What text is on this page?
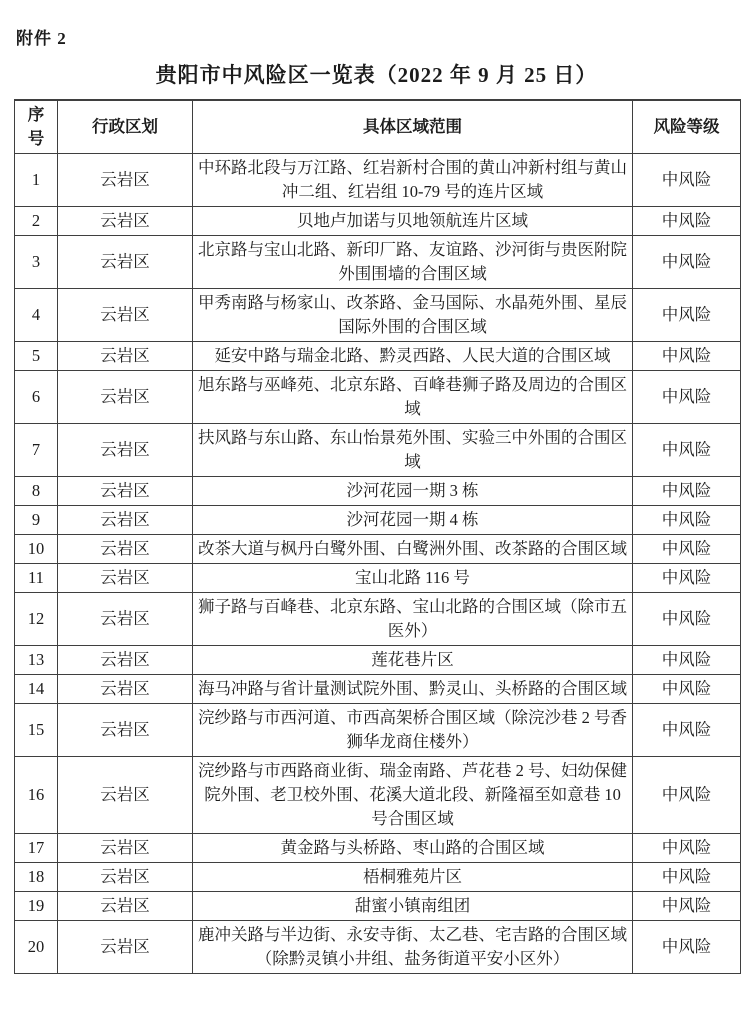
附件 2
贵阳市中风险区一览表（2022 年 9 月 25 日）
序号	行政区划	具体区域范围	风险等级
1	云岩区	中环路北段与万江路、红岩新村合围的黄山冲新村组与黄山冲二组、红岩组 10-79 号的连片区域	中风险
2	云岩区	贝地卢加诺与贝地领航连片区域	中风险
3	云岩区	北京路与宝山北路、新印厂路、友谊路、沙河街与贵医附院外围围墙的合围区域	中风险
4	云岩区	甲秀南路与杨家山、改茶路、金马国际、水晶苑外围、星辰国际外围的合围区域	中风险
5	云岩区	延安中路与瑞金北路、黔灵西路、人民大道的合围区域	中风险
6	云岩区	旭东路与巫峰苑、北京东路、百峰巷狮子路及周边的合围区域	中风险
7	云岩区	扶风路与东山路、东山怡景苑外围、实验三中外围的合围区域	中风险
8	云岩区	沙河花园一期 3 栋	中风险
9	云岩区	沙河花园一期 4 栋	中风险
10	云岩区	改茶大道与枫丹白鹭外围、白鹭洲外围、改茶路的合围区域	中风险
11	云岩区	宝山北路 116 号	中风险
12	云岩区	狮子路与百峰巷、北京东路、宝山北路的合围区域（除市五医外）	中风险
13	云岩区	莲花巷片区	中风险
14	云岩区	海马冲路与省计量测试院外围、黔灵山、头桥路的合围区域	中风险
15	云岩区	浣纱路与市西河道、市西高架桥合围区域（除浣沙巷 2 号香狮华龙商住楼外）	中风险
16	云岩区	浣纱路与市西路商业街、瑞金南路、芦花巷 2 号、妇幼保健院外围、老卫校外围、花溪大道北段、新隆福至如意巷 10 号合围区域	中风险
17	云岩区	黄金路与头桥路、枣山路的合围区域	中风险
18	云岩区	梧桐雅苑片区	中风险
19	云岩区	甜蜜小镇南组团	中风险
20	云岩区	鹿冲关路与半边街、永安寺街、太乙巷、宅吉路的合围区域（除黔灵镇小井组、盐务街道平安小区外）	中风险
